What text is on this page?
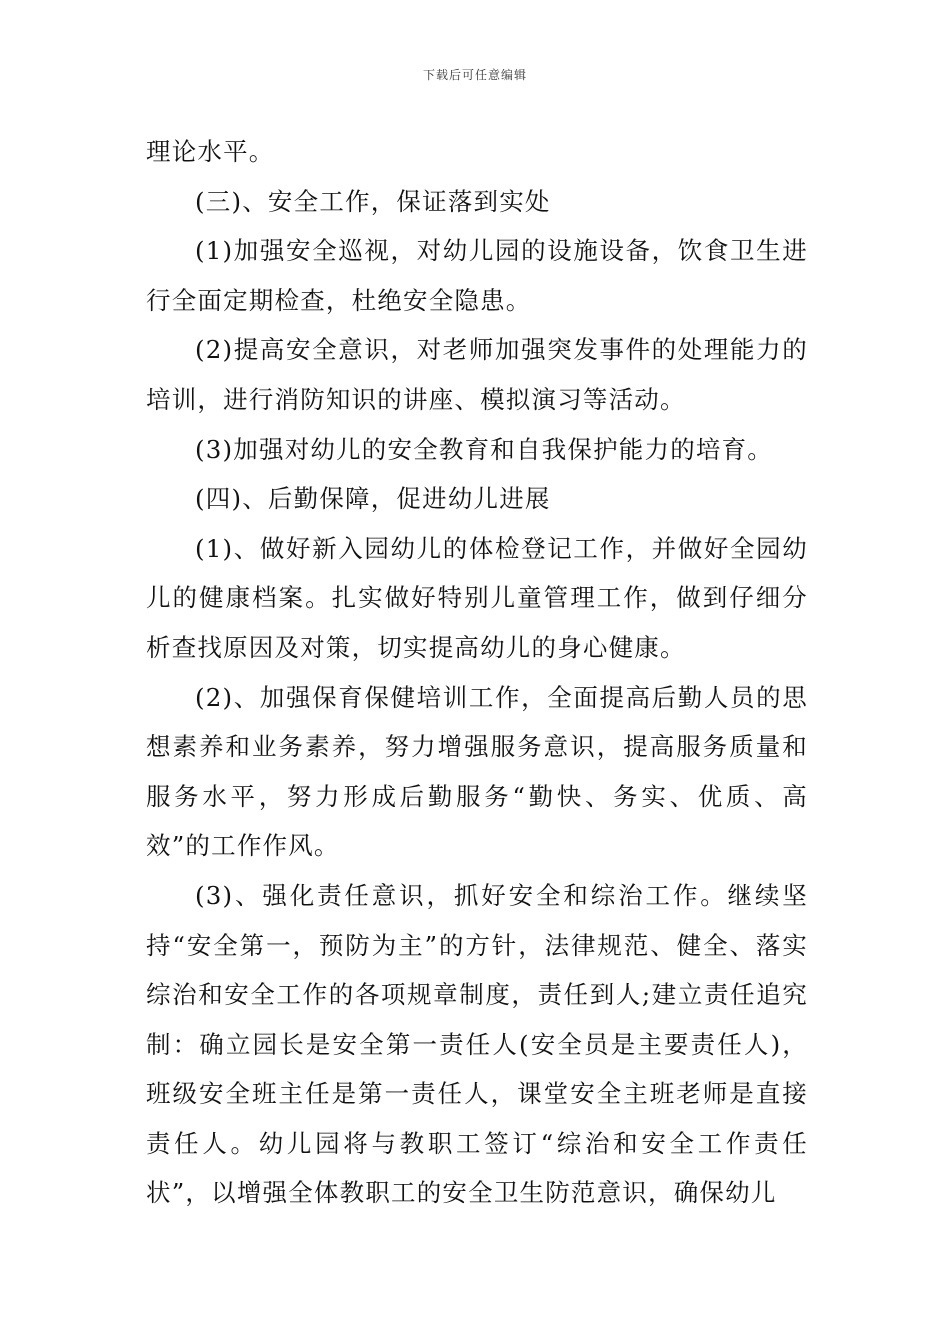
下载后可任意编辑

理论水平。

(三)、安全工作，保证落到实处

(1)加强安全巡视，对幼儿园的设施设备，饮食卫生进行全面定期检查，杜绝安全隐患。

(2)提高安全意识，对老师加强突发事件的处理能力的培训，进行消防知识的讲座、模拟演习等活动。

(3)加强对幼儿的安全教育和自我保护能力的培育。

(四)、后勤保障，促进幼儿进展

(1)、做好新入园幼儿的体检登记工作，并做好全园幼儿的健康档案。扎实做好特别儿童管理工作，做到仔细分析查找原因及对策，切实提高幼儿的身心健康。

(2)、加强保育保健培训工作，全面提高后勤人员的思想素养和业务素养，努力增强服务意识，提高服务质量和服务水平，努力形成后勤服务“勤快、务实、优质、高效”的工作作风。

(3)、强化责任意识，抓好安全和综治工作。继续坚持“安全第一，预防为主”的方针，法律规范、健全、落实综治和安全工作的各项规章制度，责任到人;建立责任追究制：确立园长是安全第一责任人(安全员是主要责任人)，班级安全班主任是第一责任人，课堂安全主班老师是直接责任人。幼儿园将与教职工签订“综治和安全工作责任状”，以增强全体教职工的安全卫生防范意识，确保幼儿
